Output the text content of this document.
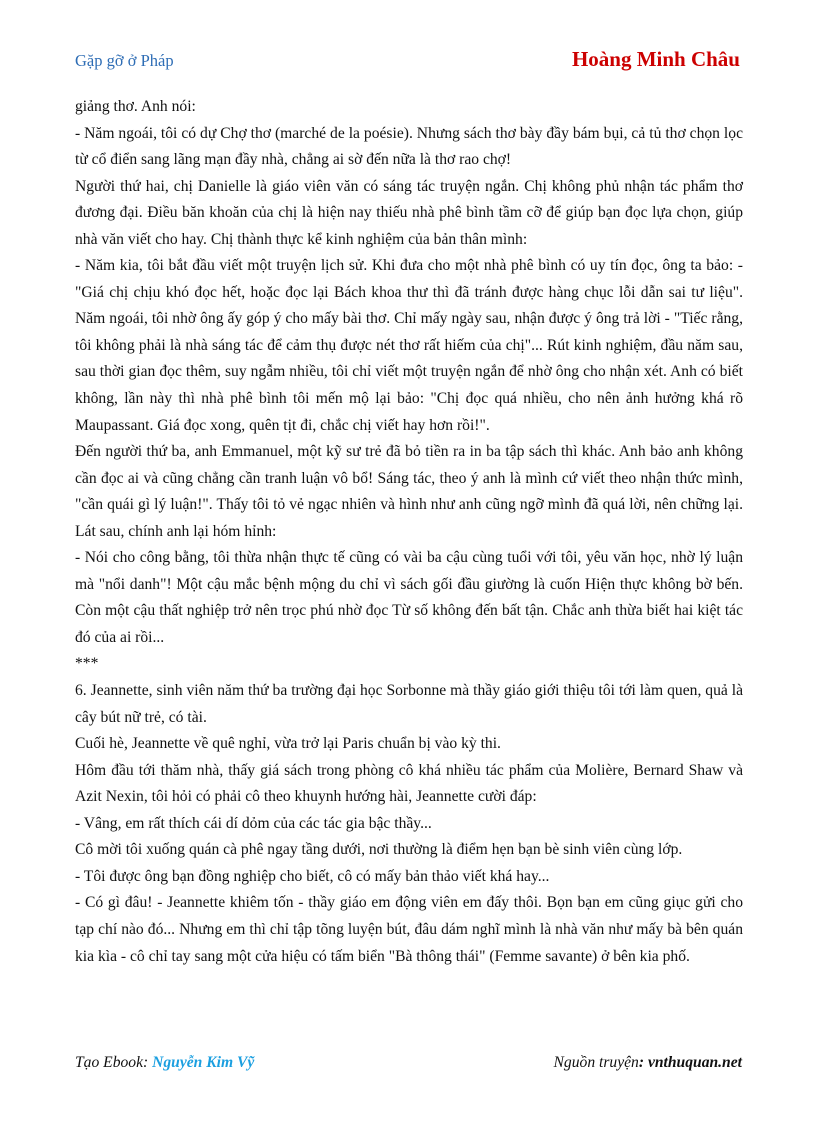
Gặp gỡ ở Pháp	Hoàng Minh Châu

giảng thơ. Anh nói:

- Năm ngoái, tôi có dự Chợ thơ (marché de la poésie). Nhưng sách thơ bày đầy bám bụi, cả tủ thơ chọn lọc từ cổ điển sang lãng mạn đầy nhà, chẳng ai sờ đến nữa là thơ rao chợ!

Người thứ hai, chị Danielle là giáo viên văn có sáng tác truyện ngắn. Chị không phủ nhận tác phẩm thơ đương đại. Điều băn khoăn của chị là hiện nay thiếu nhà phê bình tầm cỡ để giúp bạn đọc lựa chọn, giúp nhà văn viết cho hay. Chị thành thực kể kinh nghiệm của bản thân mình:

- Năm kia, tôi bắt đầu viết một truyện lịch sử. Khi đưa cho một nhà phê bình có uy tín đọc, ông ta bảo: - "Giá chị chịu khó đọc hết, hoặc đọc lại Bách khoa thư thì đã tránh được hàng chục lỗi dẫn sai tư liệu". Năm ngoái, tôi nhờ ông ấy góp ý cho mấy bài thơ. Chỉ mấy ngày sau, nhận được ý ông trả lời - "Tiếc rằng, tôi không phải là nhà sáng tác để cảm thụ được nét thơ rất hiếm của chị"... Rút kinh nghiệm, đầu năm sau, sau thời gian đọc thêm, suy ngẫm nhiều, tôi chỉ viết một truyện ngắn để nhờ ông cho nhận xét. Anh có biết không, lần này thì nhà phê bình tôi mến mộ lại bảo: "Chị đọc quá nhiều, cho nên ảnh hưởng khá rõ Maupassant. Giá đọc xong, quên tịt đi, chắc chị viết hay hơn rồi!".

Đến người thứ ba, anh Emmanuel, một kỹ sư trẻ đã bỏ tiền ra in ba tập sách thì khác. Anh bảo anh không cần đọc ai và cũng chẳng cần tranh luận vô bổ! Sáng tác, theo ý anh là mình cứ viết theo nhận thức mình, "cần quái gì lý luận!". Thấy tôi tỏ vẻ ngạc nhiên và hình như anh cũng ngỡ mình đã quá lời, nên chững lại. Lát sau, chính anh lại hóm hỉnh:

- Nói cho công bằng, tôi thừa nhận thực tế cũng có vài ba cậu cùng tuổi với tôi, yêu văn học, nhờ lý luận mà "nổi danh"! Một cậu mắc bệnh mộng du chỉ vì sách gối đầu giường là cuốn Hiện thực không bờ bến. Còn một cậu thất nghiệp trở nên trọc phú nhờ đọc Từ số không đến bất tận. Chắc anh thừa biết hai kiệt tác đó của ai rồi...

***

6. Jeannette, sinh viên năm thứ ba trường đại học Sorbonne mà thầy giáo giới thiệu tôi tới làm quen, quả là cây bút nữ trẻ, có tài.

Cuối hè, Jeannette về quê nghỉ, vừa trở lại Paris chuẩn bị vào kỳ thi.

Hôm đầu tới thăm nhà, thấy giá sách trong phòng cô khá nhiều tác phẩm của Molière, Bernard Shaw và Azit Nexin, tôi hỏi có phải cô theo khuynh hướng hài, Jeannette cười đáp:

- Vâng, em rất thích cái dí dỏm của các tác gia bậc thầy...

Cô mời tôi xuống quán cà phê ngay tầng dưới, nơi thường là điểm hẹn bạn bè sinh viên cùng lớp.

- Tôi được ông bạn đồng nghiệp cho biết, cô có mấy bản thảo viết khá hay...

- Có gì đâu! - Jeannette khiêm tốn - thầy giáo em động viên em đấy thôi. Bọn bạn em cũng giục gửi cho tạp chí nào đó... Nhưng em thì chỉ tập tõng luyện bút, đâu dám nghĩ mình là nhà văn như mấy bà bên quán kia kìa - cô chỉ tay sang một cửa hiệu có tấm biển "Bà thông thái" (Femme savante) ở bên kia phố.

Tạo Ebook: Nguyễn Kim Vỹ	Nguồn truyện: vnthuquan.net
